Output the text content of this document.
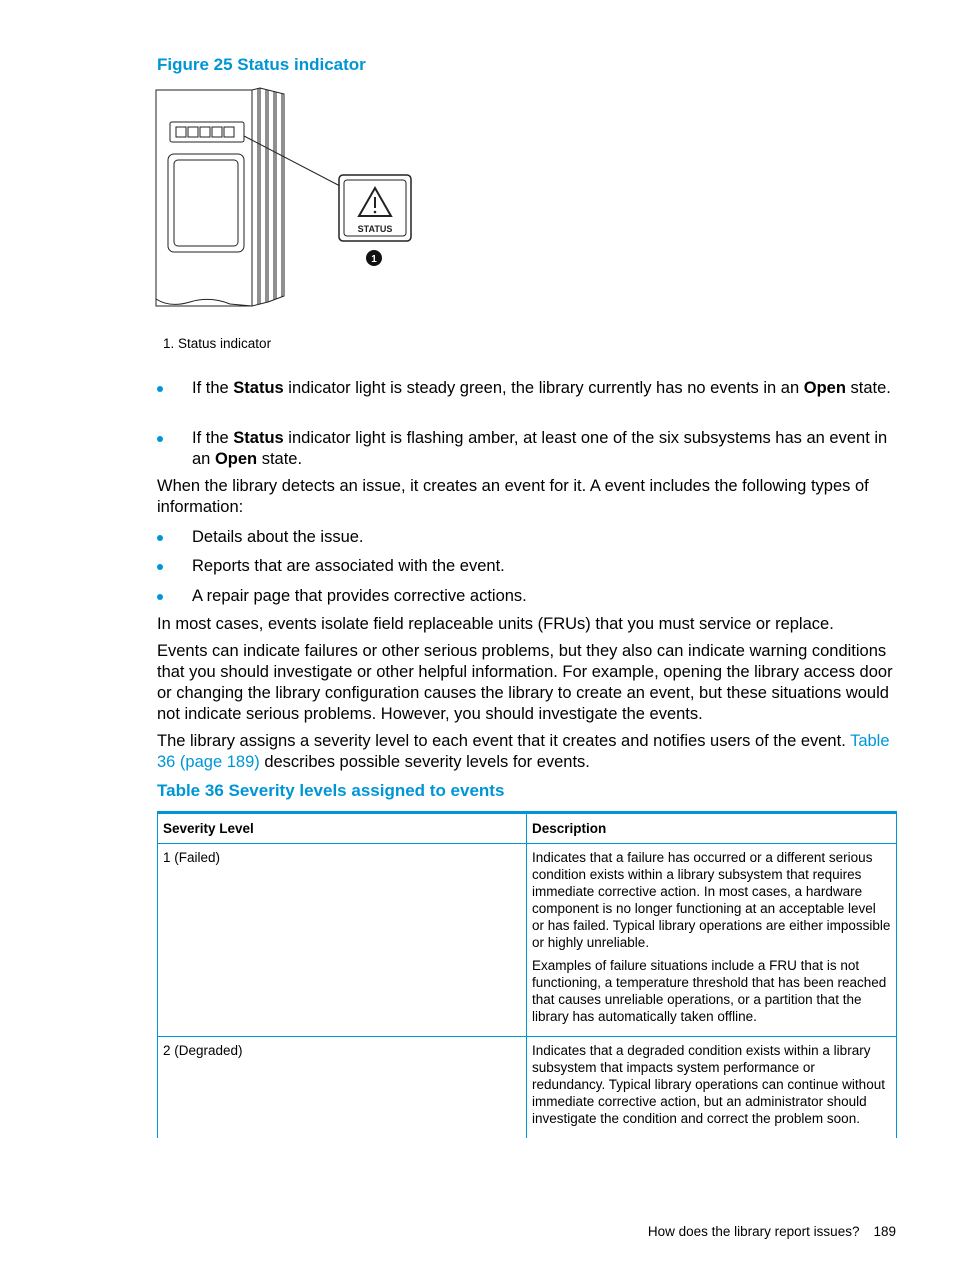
Figure 25 Status indicator
STATUS
1
1. Status indicator
If the Status indicator light is steady green, the library currently has no events in an Open state.
If the Status indicator light is flashing amber, at least one of the six subsystems has an event in an Open state.
When the library detects an issue, it creates an event for it. A event includes the following types of information:
Details about the issue.
Reports that are associated with the event.
A repair page that provides corrective actions.
In most cases, events isolate field replaceable units (FRUs) that you must service or replace.
Events can indicate failures or other serious problems, but they also can indicate warning conditions that you should investigate or other helpful information. For example, opening the library access door or changing the library configuration causes the library to create an event, but these situations would not indicate serious problems. However, you should investigate the events.
The library assigns a severity level to each event that it creates and notifies users of the event. Table 36 (page 189) describes possible severity levels for events.
Table 36 Severity levels assigned to events
Severity Level	Description
1 (Failed)	Indicates that a failure has occurred or a different serious condition exists within a library subsystem that requires immediate corrective action. In most cases, a hardware component is no longer functioning at an acceptable level or has failed. Typical library operations are either impossible or highly unreliable.

Examples of failure situations include a FRU that is not functioning, a temperature threshold that has been reached that causes unreliable operations, or a partition that the library has automatically taken offline.

2 (Degraded)	Indicates that a degraded condition exists within a library subsystem that impacts system performance or redundancy. Typical library operations can continue without immediate corrective action, but an administrator should investigate the condition and correct the problem soon.

How does the library report issues? 189
